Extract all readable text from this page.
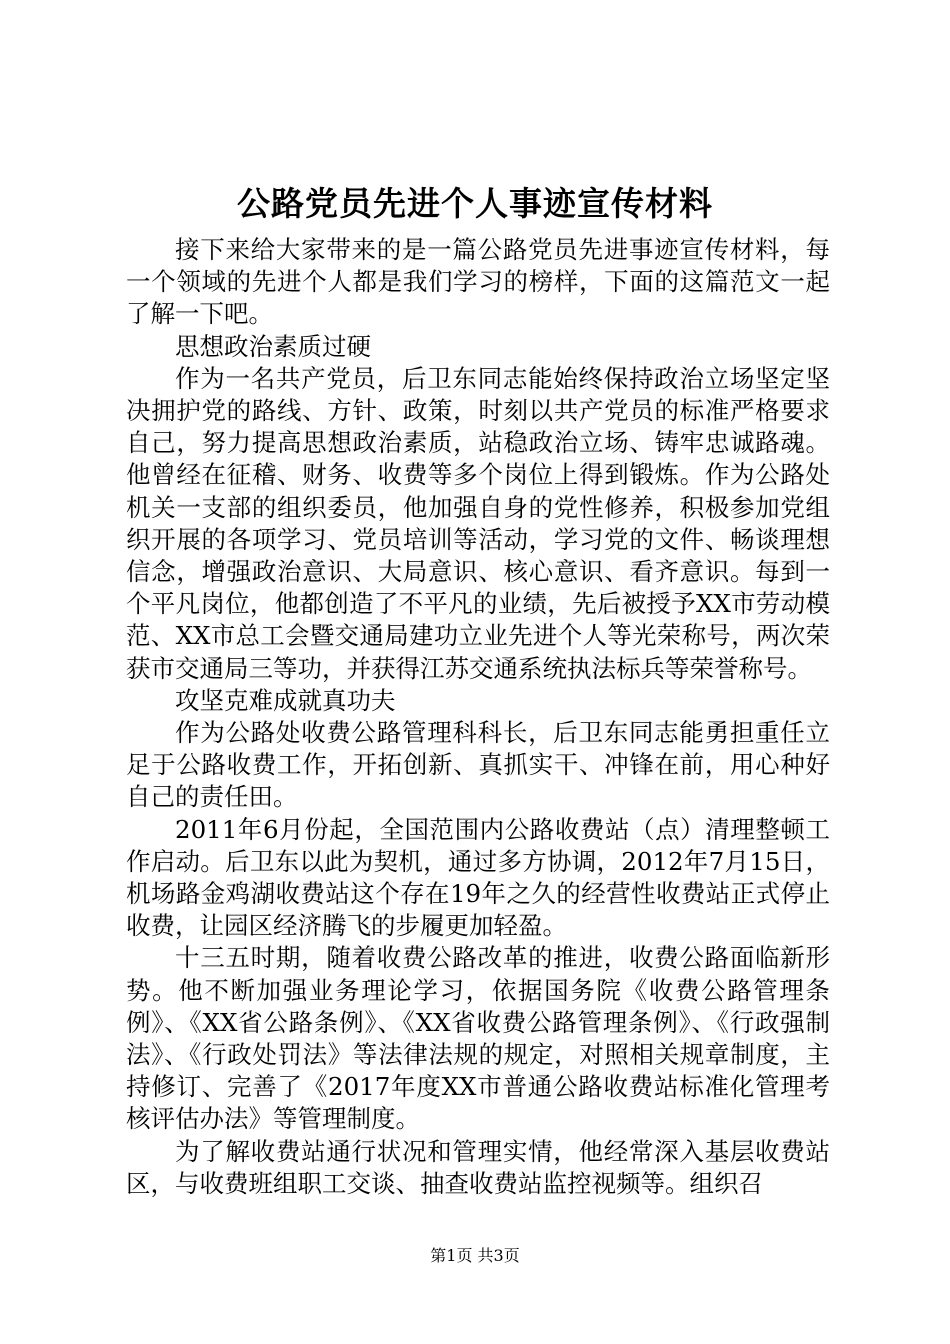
公路党员先进个人事迹宣传材料

接下来给大家带来的是一篇公路党员先进事迹宣传材料，每一个领域的先进个人都是我们学习的榜样，下面的这篇范文一起了解一下吧。

思想政治素质过硬

作为一名共产党员，后卫东同志能始终保持政治立场坚定坚决拥护党的路线、方针、政策，时刻以共产党员的标准严格要求自己，努力提高思想政治素质，站稳政治立场、铸牢忠诚路魂。他曾经在征稽、财务、收费等多个岗位上得到锻炼。作为公路处机关一支部的组织委员，他加强自身的党性修养，积极参加党组织开展的各项学习、党员培训等活动，学习党的文件、畅谈理想信念，增强政治意识、大局意识、核心意识、看齐意识。每到一个平凡岗位，他都创造了不平凡的业绩，先后被授予XX市劳动模范、XX市总工会暨交通局建功立业先进个人等光荣称号，两次荣获市交通局三等功，并获得江苏交通系统执法标兵等荣誉称号。

攻坚克难成就真功夫

作为公路处收费公路管理科科长，后卫东同志能勇担重任立足于公路收费工作，开拓创新、真抓实干、冲锋在前，用心种好自己的责任田。

2011年6月份起，全国范围内公路收费站（点）清理整顿工作启动。后卫东以此为契机，通过多方协调，2012年7月15日，机场路金鸡湖收费站这个存在19年之久的经营性收费站正式停止收费，让园区经济腾飞的步履更加轻盈。

十三五时期，随着收费公路改革的推进，收费公路面临新形势。他不断加强业务理论学习，依据国务院《收费公路管理条例》、《XX省公路条例》、《XX省收费公路管理条例》、《行政强制法》、《行政处罚法》等法律法规的规定，对照相关规章制度，主持修订、完善了《2017年度XX市普通公路收费站标准化管理考核评估办法》等管理制度。

为了解收费站通行状况和管理实情，他经常深入基层收费站区，与收费班组职工交谈、抽查收费站监控视频等。组织召

第1页 共3页
